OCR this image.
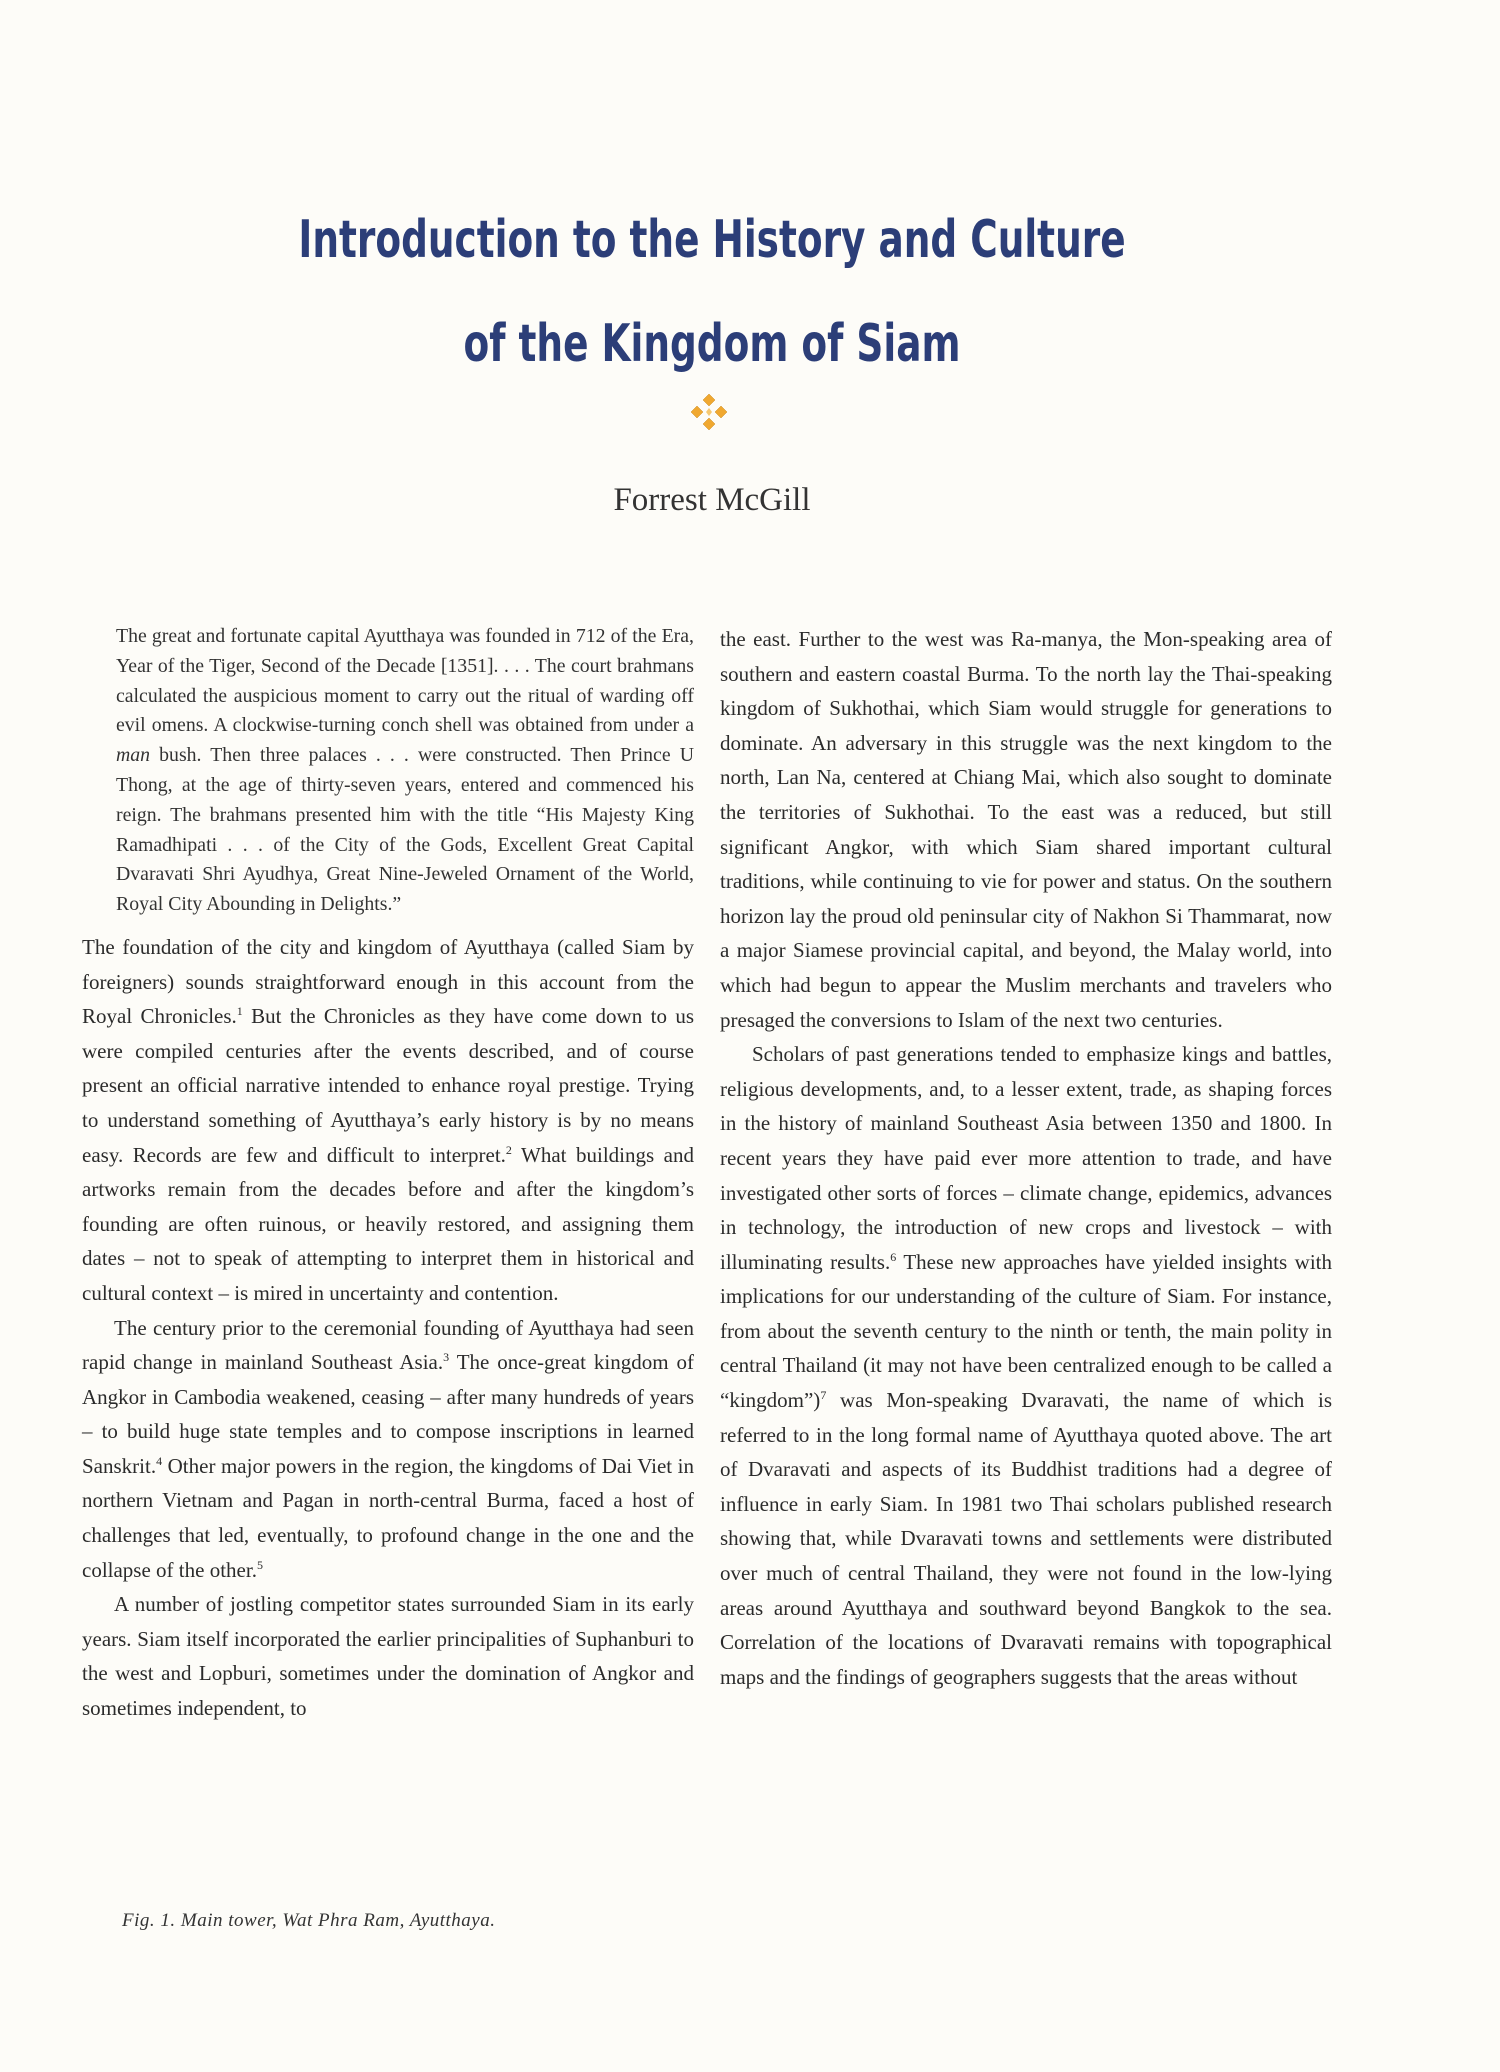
Introduction to the History and Culture
of the Kingdom of Siam
Forrest McGill

The great and fortunate capital Ayutthaya was founded in 712 of the Era, Year of the Tiger, Second of the Decade [1351]. . . . The court brahmans calculated the auspicious moment to carry out the ritual of warding off evil omens. A clockwise-turning conch shell was obtained from under a man bush. Then three palaces . . . were constructed. Then Prince U Thong, at the age of thirty-seven years, entered and commenced his reign. The brahmans presented him with the title “His Majesty King Ramadhipati . . . of the City of the Gods, Excellent Great Capital Dvaravati Shri Ayudhya, Great Nine-Jeweled Ornament of the World, Royal City Abounding in Delights.”

The foundation of the city and kingdom of Ayutthaya (called Siam by foreigners) sounds straightforward enough in this account from the Royal Chronicles.$^1$ But the Chronicles as they have come down to us were compiled centuries after the events described, and of course present an official narrative intended to enhance royal prestige. Trying to understand something of Ayutthaya’s early history is by no means easy. Records are few and difficult to interpret.$^2$ What buildings and artworks remain from the decades before and after the kingdom’s founding are often ruinous, or heavily restored, and assigning them dates – not to speak of attempting to interpret them in historical and cultural context – is mired in uncertainty and contention.

The century prior to the ceremonial founding of Ayutthaya had seen rapid change in mainland Southeast Asia.$^3$ The once-great kingdom of Angkor in Cambodia weakened, ceasing – after many hundreds of years – to build huge state temples and to compose inscriptions in learned Sanskrit.$^4$ Other major powers in the region, the kingdoms of Dai Viet in northern Vietnam and Pagan in north-central Burma, faced a host of challenges that led, eventually, to profound change in the one and the collapse of the other.$^5$

A number of jostling competitor states surrounded Siam in its early years. Siam itself incorporated the earlier principalities of Suphanburi to the west and Lopburi, sometimes under the domination of Angkor and sometimes independent, to

the east. Further to the west was Ra-manya, the Mon-speaking area of southern and eastern coastal Burma. To the north lay the Thai-speaking kingdom of Sukhothai, which Siam would struggle for generations to dominate. An adversary in this struggle was the next kingdom to the north, Lan Na, centered at Chiang Mai, which also sought to dominate the territories of Sukhothai. To the east was a reduced, but still significant Angkor, with which Siam shared important cultural traditions, while continuing to vie for power and status. On the southern horizon lay the proud old peninsular city of Nakhon Si Thammarat, now a major Siamese provincial capital, and beyond, the Malay world, into which had begun to appear the Muslim merchants and travelers who presaged the conversions to Islam of the next two centuries.

Scholars of past generations tended to emphasize kings and battles, religious developments, and, to a lesser extent, trade, as shaping forces in the history of mainland Southeast Asia between 1350 and 1800. In recent years they have paid ever more attention to trade, and have investigated other sorts of forces – climate change, epidemics, advances in technology, the introduction of new crops and livestock – with illuminating results.$^6$ These new approaches have yielded insights with implications for our understanding of the culture of Siam. For instance, from about the seventh century to the ninth or tenth, the main polity in central Thailand (it may not have been centralized enough to be called a “kingdom”)$^7$ was Mon-speaking Dvaravati, the name of which is referred to in the long formal name of Ayutthaya quoted above. The art of Dvaravati and aspects of its Buddhist traditions had a degree of influence in early Siam. In 1981 two Thai scholars published research showing that, while Dvaravati towns and settlements were distributed over much of central Thailand, they were not found in the low-lying areas around Ayutthaya and southward beyond Bangkok to the sea. Correlation of the locations of Dvaravati remains with topographical maps and the findings of geographers suggests that the areas without

Fig. 1. Main tower, Wat Phra Ram, Ayutthaya.
